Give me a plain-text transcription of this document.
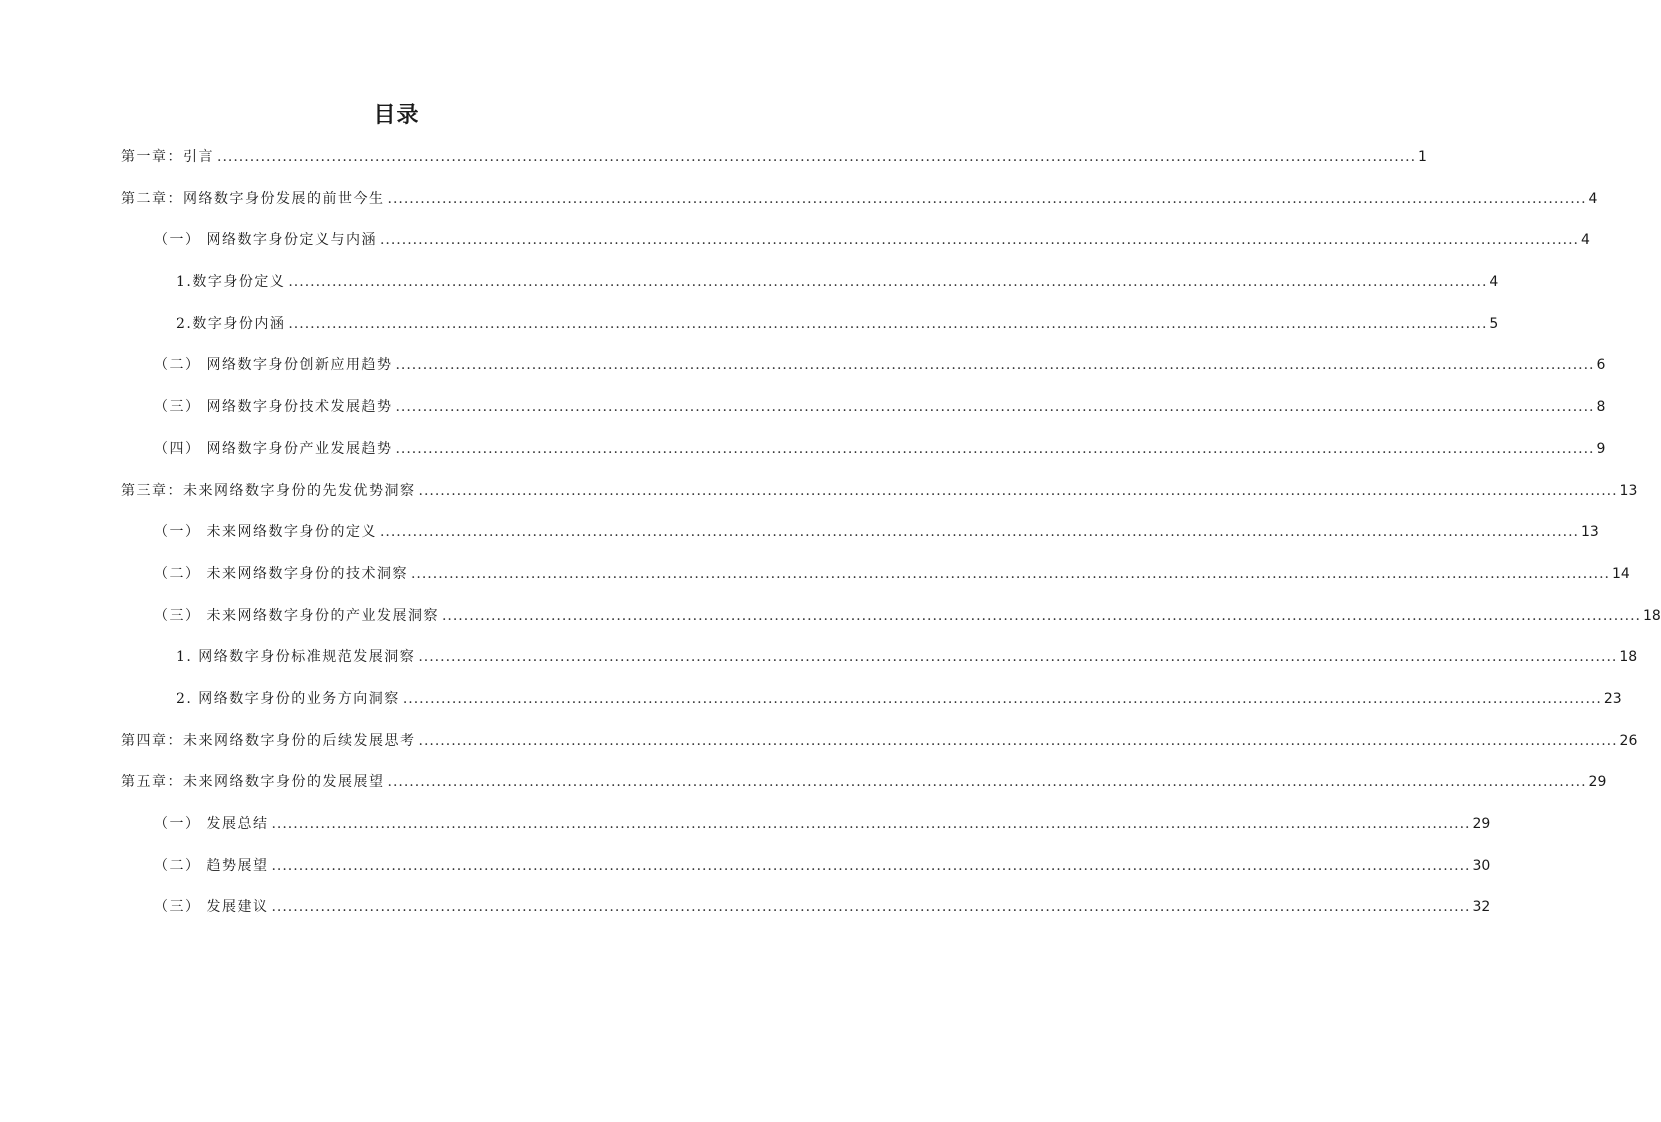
目录
第一章：引言 ............................................................................................................................................................................................................................ 1
第二章：网络数字身份发展的前世今生 ............................................................................................................................................................................................................................ 4
（一） 网络数字身份定义与内涵 ............................................................................................................................................................................................................................ 4
1.数字身份定义 ............................................................................................................................................................................................................................ 4
2.数字身份内涵 ............................................................................................................................................................................................................................ 5
（二） 网络数字身份创新应用趋势 ............................................................................................................................................................................................................................ 6
（三） 网络数字身份技术发展趋势 ............................................................................................................................................................................................................................ 8
（四） 网络数字身份产业发展趋势 ............................................................................................................................................................................................................................ 9
第三章：未来网络数字身份的先发优势洞察 ............................................................................................................................................................................................................................ 13
（一） 未来网络数字身份的定义 ............................................................................................................................................................................................................................ 13
（二） 未来网络数字身份的技术洞察 ............................................................................................................................................................................................................................ 14
（三） 未来网络数字身份的产业发展洞察 ............................................................................................................................................................................................................................ 18
1. 网络数字身份标准规范发展洞察 ............................................................................................................................................................................................................................ 18
2. 网络数字身份的业务方向洞察 ............................................................................................................................................................................................................................ 23
第四章：未来网络数字身份的后续发展思考 ............................................................................................................................................................................................................................ 26
第五章：未来网络数字身份的发展展望 ............................................................................................................................................................................................................................ 29
（一） 发展总结 ............................................................................................................................................................................................................................ 29
（二） 趋势展望 ............................................................................................................................................................................................................................ 30
（三） 发展建议 ............................................................................................................................................................................................................................ 32
